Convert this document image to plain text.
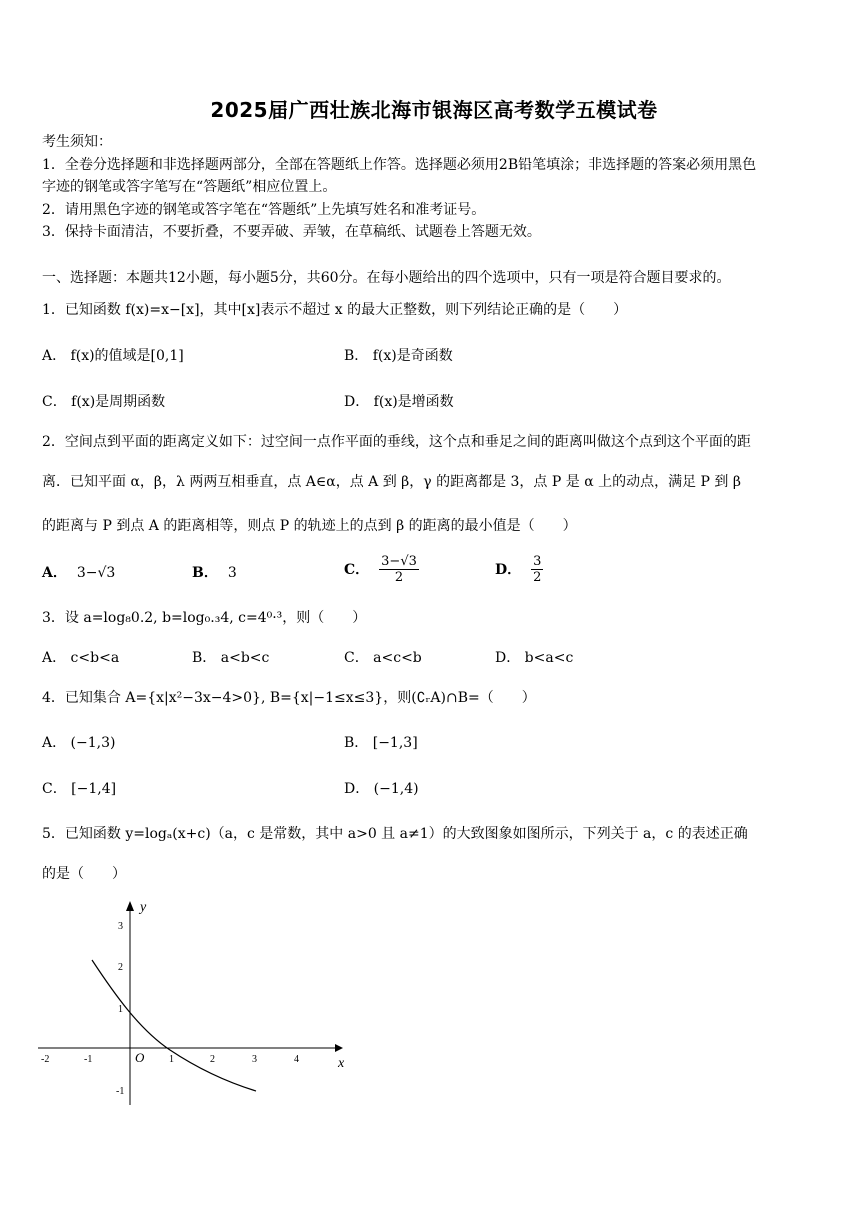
2025届广西壮族北海市银海区高考数学五模试卷
考生须知：
1．全卷分选择题和非选择题两部分，全部在答题纸上作答。选择题必须用2B铅笔填涂；非选择题的答案必须用黑色
字迹的钢笔或答字笔写在“答题纸”相应位置上。
2．请用黑色字迹的钢笔或答字笔在“答题纸”上先填写姓名和准考证号。
3．保持卡面清洁，不要折叠，不要弄破、弄皱，在草稿纸、试题卷上答题无效。
一、选择题：本题共12小题，每小题5分，共60分。在每小题给出的四个选项中，只有一项是符合题目要求的。
1．已知函数 f(x)=x−[x]，其中[x]表示不超过 x 的最大正整数，则下列结论正确的是（　　）
A． f(x)的值域是[0,1]	B． f(x)是奇函数
C． f(x)是周期函数	D． f(x)是增函数
2．空间点到平面的距离定义如下：过空间一点作平面的垂线，这个点和垂足之间的距离叫做这个点到这个平面的距
离．已知平面 α，β，λ 两两互相垂直，点 A∈α，点 A 到 β，γ 的距离都是 3，点 P 是 α 上的动点，满足 P 到 β
的距离与 P 到点 A 的距离相等，则点 P 的轨迹上的点到 β 的距离的最小值是（　　）
A． 3−√3	B． 3	C． $\frac{3-√3}{2}$	D． $\frac{3}{2}$
3．设 a=log₈0.2, b=log₀.₃4, c=4⁰·³，则（　　）
A． c<b<a	B． a<b<c	C． a<c<b	D． b<a<c
4．已知集合 A={x|x²−3x−4>0}, B={x|−1≤x≤3}，则(∁ᵣA)∩B=（　　）
A． (−1,3)	B． [−1,3]
C． [−1,4]	D． (−1,4)
5．已知函数 y=logₐ(x+c)（a，c 是常数，其中 a>0 且 a≠1）的大致图象如图所示，下列关于 a，c 的表述正确
的是（　　）
x
y
O
-2	-1	1	2	3	4
3
2
1
-1
